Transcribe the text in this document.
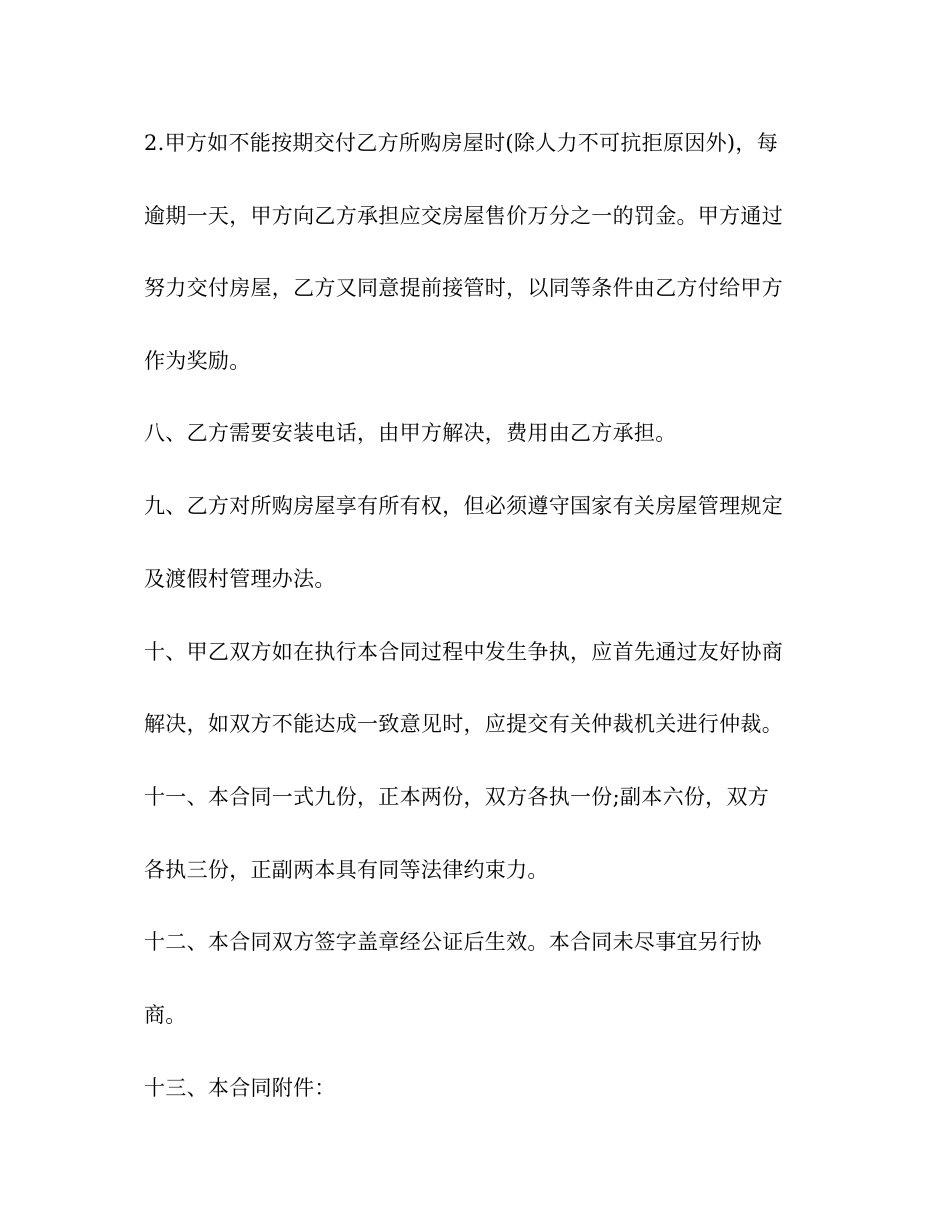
2.甲方如不能按期交付乙方所购房屋时(除人力不可抗拒原因外)，每
逾期一天，甲方向乙方承担应交房屋售价万分之一的罚金。甲方通过
努力交付房屋，乙方又同意提前接管时，以同等条件由乙方付给甲方
作为奖励。
八、乙方需要安装电话，由甲方解决，费用由乙方承担。
九、乙方对所购房屋享有所有权，但必须遵守国家有关房屋管理规定
及渡假村管理办法。
十、甲乙双方如在执行本合同过程中发生争执，应首先通过友好协商
解决，如双方不能达成一致意见时，应提交有关仲裁机关进行仲裁。
十一、本合同一式九份，正本两份，双方各执一份;副本六份，双方
各执三份，正副两本具有同等法律约束力。
十二、本合同双方签字盖章经公证后生效。本合同未尽事宜另行协
商。
十三、本合同附件：
